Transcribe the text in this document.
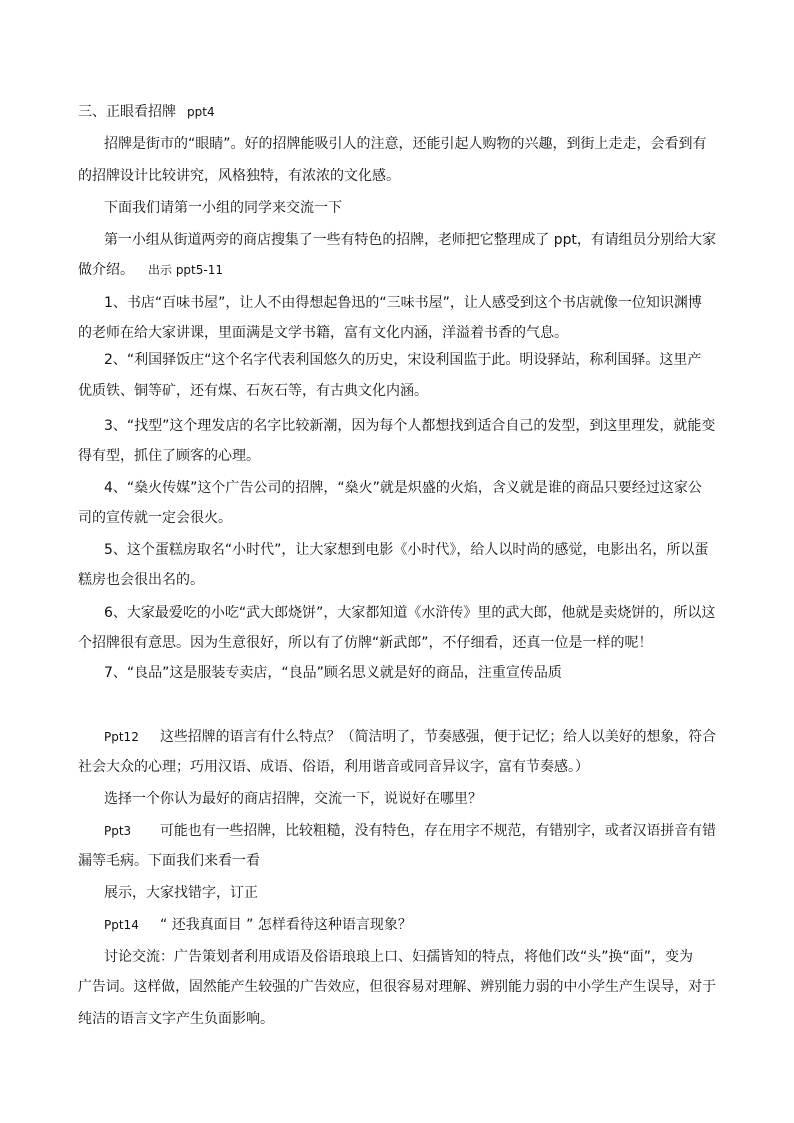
三、正眼看招牌 ppt4
招牌是街市的“眼睛”。好的招牌能吸引人的注意，还能引起人购物的兴趣，到街上走走，会看到有
的招牌设计比较讲究，风格独特，有浓浓的文化感。
下面我们请第一小组的同学来交流一下
第一小组从街道两旁的商店搜集了一些有特色的招牌，老师把它整理成了 ppt，有请组员分别给大家
做介绍。 出示 ppt5-11
1、书店“百味书屋”，让人不由得想起鲁迅的“三味书屋”，让人感受到这个书店就像一位知识渊博
的老师在给大家讲课，里面满是文学书籍，富有文化内涵，洋溢着书香的气息。
2、“利国驿饭庄“这个名字代表利国悠久的历史，宋设利国监于此。明设驿站，称利国驿。这里产
优质铁、铜等矿，还有煤、石灰石等，有古典文化内涵。
3、“找型”这个理发店的名字比较新潮，因为每个人都想找到适合自己的发型，到这里理发，就能变
得有型，抓住了顾客的心理。
4、“燊火传媒”这个广告公司的招牌，“燊火”就是炽盛的火焰，含义就是谁的商品只要经过这家公
司的宣传就一定会很火。
5、这个蛋糕房取名“小时代”，让大家想到电影《小时代》，给人以时尚的感觉，电影出名，所以蛋
糕房也会很出名的。
6、大家最爱吃的小吃“武大郎烧饼”，大家都知道《水浒传》里的武大郎，他就是卖烧饼的，所以这
个招牌很有意思。因为生意很好，所以有了仿牌“新武郎”，不仔细看，还真一位是一样的呢！
7、“良品”这是服装专卖店，“良品”顾名思义就是好的商品，注重宣传品质
Ppt12 这些招牌的语言有什么特点？（简洁明了，节奏感强，便于记忆；给人以美好的想象，符合
社会大众的心理；巧用汉语、成语、俗语，利用谐音或同音异议字，富有节奏感。）
选择一个你认为最好的商店招牌，交流一下，说说好在哪里？
Ppt3 可能也有一些招牌，比较粗糙，没有特色，存在用字不规范，有错别字，或者汉语拼音有错
漏等毛病。下面我们来看一看
展示，大家找错字，订正
Ppt14 “ 还我真面目 ” 怎样看待这种语言现象？
讨论交流：广告策划者利用成语及俗语琅琅上口、妇孺皆知的特点，将他们改“头”换“面”，变为
广告词。这样做，固然能产生较强的广告效应，但很容易对理解、辨别能力弱的中小学生产生误导，对于
纯洁的语言文字产生负面影响。
